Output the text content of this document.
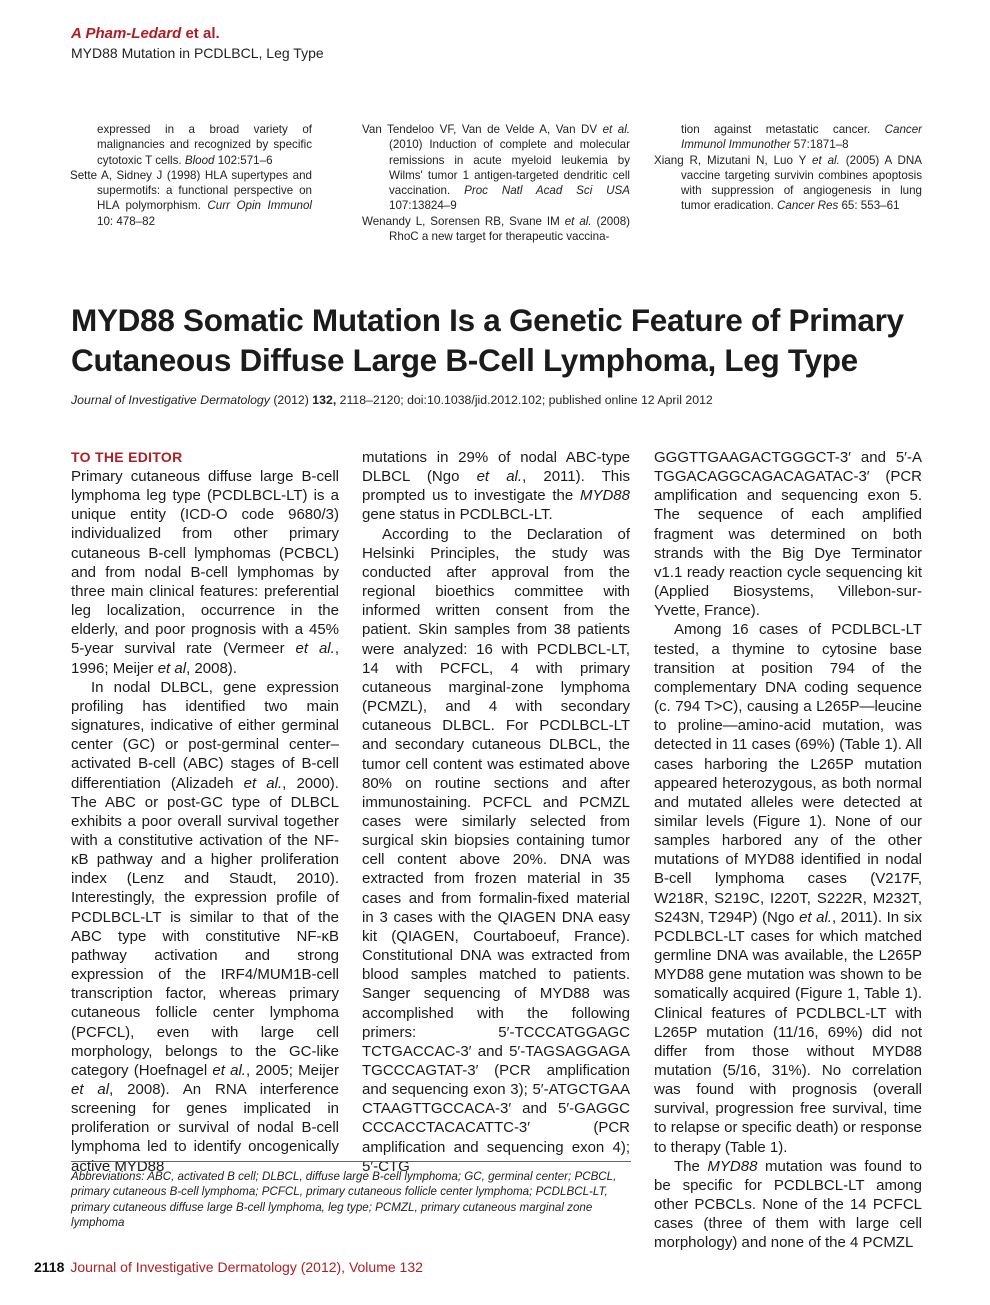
A Pham-Ledard et al.
MYD88 Mutation in PCDLBCL, Leg Type

expressed in a broad variety of malignancies and recognized by specific cytotoxic T cells. Blood 102:571–6

Sette A, Sidney J (1998) HLA supertypes and supermotifs: a functional perspective on HLA polymorphism. Curr Opin Immunol 10: 478–82

Van Tendeloo VF, Van de Velde A, Van DV et al. (2010) Induction of complete and molecular remissions in acute myeloid leukemia by Wilms' tumor 1 antigen-targeted dendritic cell vaccination. Proc Natl Acad Sci USA 107:13824–9

Wenandy L, Sorensen RB, Svane IM et al. (2008) RhoC a new target for therapeutic vaccina-

tion against metastatic cancer. Cancer Immunol Immunother 57:1871–8

Xiang R, Mizutani N, Luo Y et al. (2005) A DNA vaccine targeting survivin combines apoptosis with suppression of angiogenesis in lung tumor eradication. Cancer Res 65: 553–61

MYD88 Somatic Mutation Is a Genetic Feature of Primary Cutaneous Diffuse Large B-Cell Lymphoma, Leg Type
Journal of Investigative Dermatology (2012) 132, 2118–2120; doi:10.1038/jid.2012.102; published online 12 April 2012
TO THE EDITOR

Primary cutaneous diffuse large B-cell lymphoma leg type (PCDLBCL-LT) is a unique entity (ICD-O code 9680/3) individualized from other primary cutaneous B-cell lymphomas (PCBCL) and from nodal B-cell lymphomas by three main clinical features: preferential leg localization, occurrence in the elderly, and poor prognosis with a 45% 5-year survival rate (Vermeer et al., 1996; Meijer et al, 2008).

In nodal DLBCL, gene expression profiling has identified two main signatures, indicative of either germinal center (GC) or post-germinal center–activated B-cell (ABC) stages of B-cell differentiation (Alizadeh et al., 2000). The ABC or post-GC type of DLBCL exhibits a poor overall survival together with a constitutive activation of the NF-κB pathway and a higher proliferation index (Lenz and Staudt, 2010). Interestingly, the expression profile of PCDLBCL-LT is similar to that of the ABC type with constitutive NF-κB pathway activation and strong expression of the IRF4/MUM1B-cell transcription factor, whereas primary cutaneous follicle center lymphoma (PCFCL), even with large cell morphology, belongs to the GC-like category (Hoefnagel et al., 2005; Meijer et al, 2008). An RNA interference screening for genes implicated in proliferation or survival of nodal B-cell lymphoma led to identify oncogenically active MYD88

mutations in 29% of nodal ABC-type DLBCL (Ngo et al., 2011). This prompted us to investigate the MYD88 gene status in PCDLBCL-LT.

According to the Declaration of Helsinki Principles, the study was conducted after approval from the regional bioethics committee with informed written consent from the patient. Skin samples from 38 patients were analyzed: 16 with PCDLBCL-LT, 14 with PCFCL, 4 with primary cutaneous marginal-zone lymphoma (PCMZL), and 4 with secondary cutaneous DLBCL. For PCDLBCL-LT and secondary cutaneous DLBCL, the tumor cell content was estimated above 80% on routine sections and after immunostaining. PCFCL and PCMZL cases were similarly selected from surgical skin biopsies containing tumor cell content above 20%. DNA was extracted from frozen material in 35 cases and from formalin-fixed material in 3 cases with the QIAGEN DNA easy kit (QIAGEN, Courtaboeuf, France). Constitutional DNA was extracted from blood samples matched to patients. Sanger sequencing of MYD88 was accomplished with the following primers: 5′-TCCCATGGAGC TCTGACCAC-3′ and 5′-TAGSAGGAGA TGCCCAGTAT-3′ (PCR amplification and sequencing exon 3); 5′-ATGCTGAA CTAAGTTGCCACA-3′ and 5′-GAGGC CCCACCTACACATTC-3′ (PCR amplification and sequencing exon 4); 5′-CTG

GGGTTGAAGACTGGGCT-3′ and 5′-A TGGACAGGCAGACAGATAC-3′ (PCR amplification and sequencing exon 5. The sequence of each amplified fragment was determined on both strands with the Big Dye Terminator v1.1 ready reaction cycle sequencing kit (Applied Biosystems, Villebon-sur-Yvette, France).

Among 16 cases of PCDLBCL-LT tested, a thymine to cytosine base transition at position 794 of the complementary DNA coding sequence (c. 794 T>C), causing a L265P—leucine to proline—amino-acid mutation, was detected in 11 cases (69%) (Table 1). All cases harboring the L265P mutation appeared heterozygous, as both normal and mutated alleles were detected at similar levels (Figure 1). None of our samples harbored any of the other mutations of MYD88 identified in nodal B-cell lymphoma cases (V217F, W218R, S219C, I220T, S222R, M232T, S243N, T294P) (Ngo et al., 2011). In six PCDLBCL-LT cases for which matched germline DNA was available, the L265P MYD88 gene mutation was shown to be somatically acquired (Figure 1, Table 1). Clinical features of PCDLBCL-LT with L265P mutation (11/16, 69%) did not differ from those without MYD88 mutation (5/16, 31%). No correlation was found with prognosis (overall survival, progression free survival, time to relapse or specific death) or response to therapy (Table 1).

The MYD88 mutation was found to be specific for PCDLBCL-LT among other PCBCLs. None of the 14 PCFCL cases (three of them with large cell morphology) and none of the 4 PCMZL

Abbreviations: ABC, activated B cell; DLBCL, diffuse large B-cell lymphoma; GC, germinal center; PCBCL, primary cutaneous B-cell lymphoma; PCFCL, primary cutaneous follicle center lymphoma; PCDLBCL-LT, primary cutaneous diffuse large B-cell lymphoma, leg type; PCMZL, primary cutaneous marginal zone lymphoma
2118 Journal of Investigative Dermatology (2012), Volume 132
